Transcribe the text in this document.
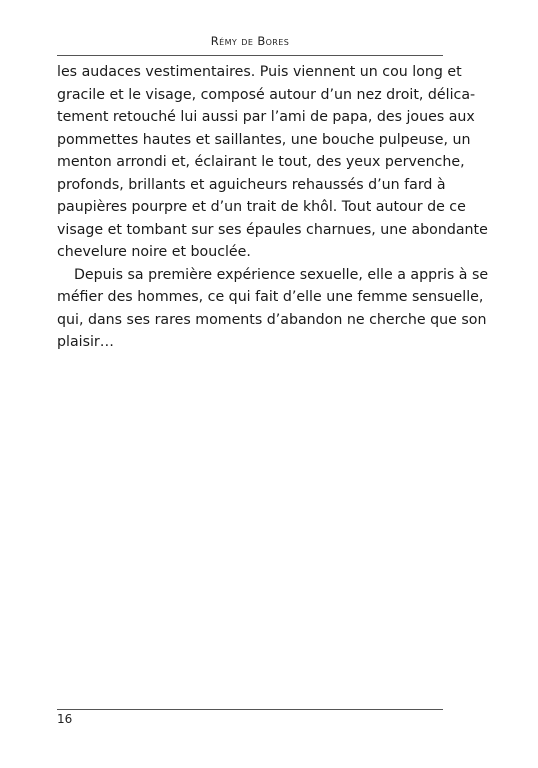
Rémy de Bores
les audaces vestimentaires. Puis viennent un cou long et
gracile et le visage, composé autour d’un nez droit, délica-
tement retouché lui aussi par l’ami de papa, des joues aux
pommettes hautes et saillantes, une bouche pulpeuse, un
menton arrondi et, éclairant le tout, des yeux pervenche,
profonds, brillants et aguicheurs rehaussés d’un fard à
paupières pourpre et d’un trait de khôl. Tout autour de ce
visage et tombant sur ses épaules charnues, une abondante
chevelure noire et bouclée.
Depuis sa première expérience sexuelle, elle a appris à se
méfier des hommes, ce qui fait d’elle une femme sensuelle,
qui, dans ses rares moments d’abandon ne cherche que son
plaisir…
16
